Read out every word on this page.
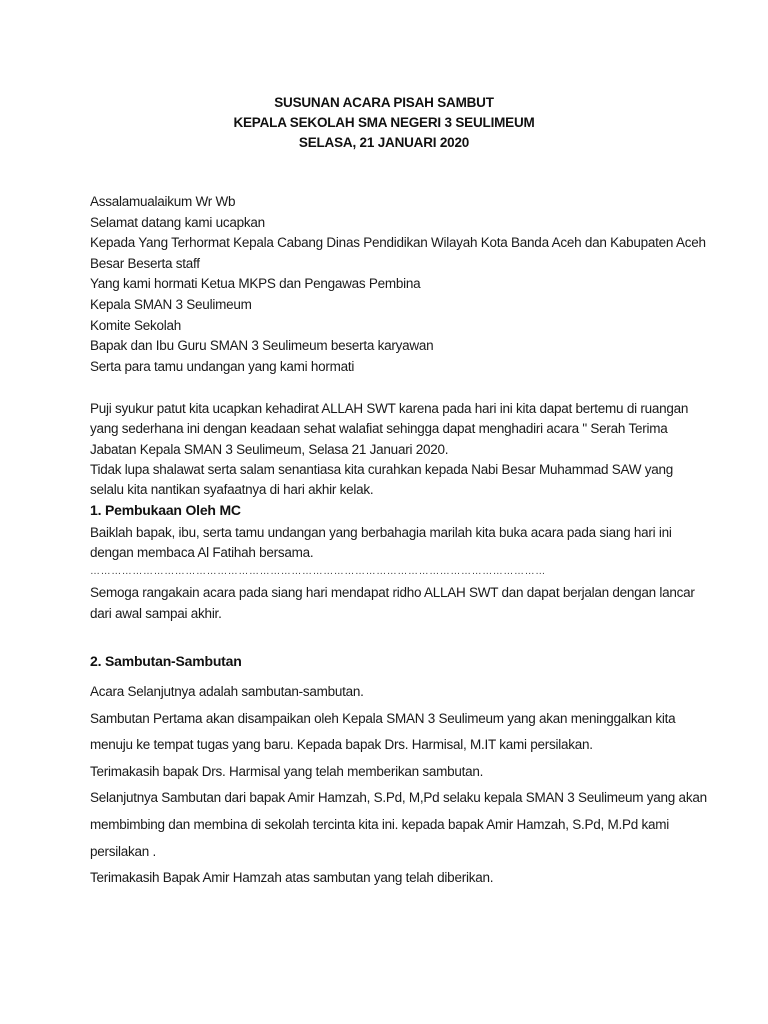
SUSUNAN ACARA PISAH SAMBUT
KEPALA SEKOLAH SMA NEGERI 3 SEULIMEUM
SELASA, 21 JANUARI 2020
Assalamualaikum Wr Wb
Selamat datang kami ucapkan
Kepada Yang Terhormat Kepala Cabang Dinas Pendidikan Wilayah Kota Banda Aceh dan Kabupaten Aceh
Besar Beserta staff
Yang kami hormati Ketua MKPS dan Pengawas Pembina
Kepala SMAN 3 Seulimeum
Komite Sekolah
Bapak dan Ibu Guru SMAN 3 Seulimeum beserta karyawan
Serta para tamu undangan yang kami hormati
Puji syukur patut kita ucapkan kehadirat ALLAH SWT karena pada hari ini kita dapat bertemu di ruangan
yang sederhana ini dengan keadaan sehat walafiat sehingga dapat menghadiri acara " Serah Terima
Jabatan Kepala SMAN 3 Seulimeum, Selasa 21 Januari 2020.
Tidak lupa shalawat serta salam senantiasa kita curahkan kepada Nabi Besar Muhammad SAW yang
selalu kita nantikan syafaatnya di hari akhir kelak.
1. Pembukaan Oleh MC
Baiklah bapak, ibu, serta tamu undangan yang berbahagia marilah kita buka acara pada siang hari ini
dengan membaca Al Fatihah bersama.
…………………………………………………………………………………………………………………
Semoga rangakain acara pada siang hari mendapat ridho ALLAH SWT dan dapat berjalan dengan lancar
dari awal sampai akhir.
2. Sambutan-Sambutan
Acara Selanjutnya adalah sambutan-sambutan.
Sambutan Pertama akan disampaikan oleh Kepala SMAN 3 Seulimeum yang akan meninggalkan kita
menuju ke tempat tugas yang baru. Kepada bapak Drs. Harmisal, M.IT kami persilakan.
Terimakasih bapak Drs. Harmisal yang telah memberikan sambutan.
Selanjutnya Sambutan dari bapak Amir Hamzah, S.Pd, M,Pd selaku kepala SMAN 3 Seulimeum yang akan
membimbing dan membina di sekolah tercinta kita ini. kepada bapak Amir Hamzah, S.Pd, M.Pd kami
persilakan .
Terimakasih Bapak Amir Hamzah atas sambutan yang telah diberikan.
